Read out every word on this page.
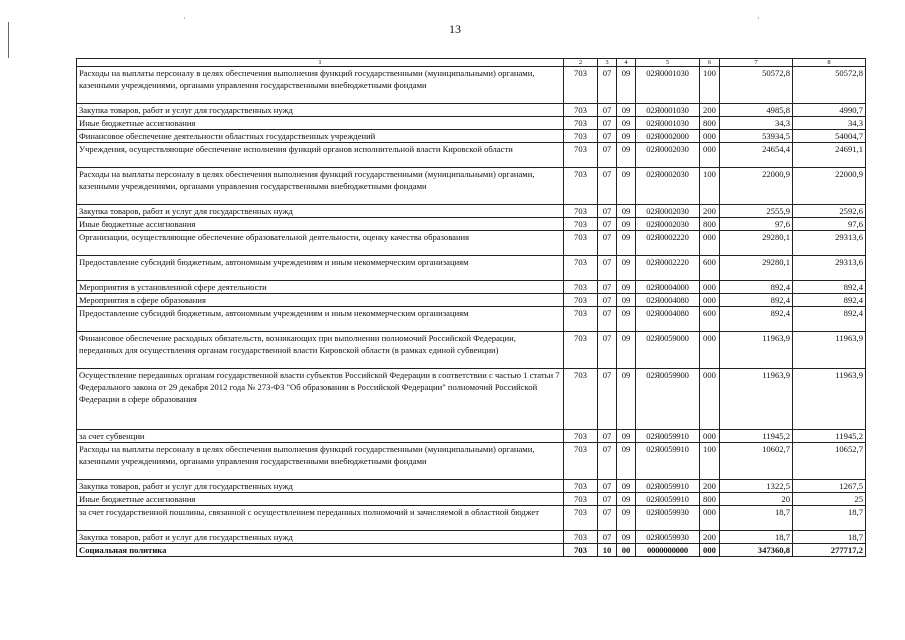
·	·
13
1	2	3	4	5	6	7	8
Расходы на выплаты персоналу в целях обеспечения выполнения функций государственными (муниципальными) органами, казенными учреждениями, органами управления государственными внебюджетными фондами	703	07	09	02Я0001030	100	50572,8	50572,8
Закупка товаров, работ и услуг для государственных нужд	703	07	09	02Я0001030	200	4985,8	4990,7
Иные бюджетные ассигнования	703	07	09	02Я0001030	800	34,3	34,3
Финансовое обеспечение деятельности областных государственных учреждений	703	07	09	02Я0002000	000	53934,5	54004,7
Учреждения, осуществляющие обеспечение исполнения функций органов исполнительной власти Кировской области	703	07	09	02Я0002030	000	24654,4	24691,1
Расходы на выплаты персоналу в целях обеспечения выполнения функций государственными (муниципальными) органами, казенными учреждениями, органами управления государственными внебюджетными фондами	703	07	09	02Я0002030	100	22000,9	22000,9
Закупка товаров, работ и услуг для государственных нужд	703	07	09	02Я0002030	200	2555,9	2592,6
Иные бюджетные ассигнования	703	07	09	02Я0002030	800	97,6	97,6
Организации, осуществляющие обеспечение образовательной деятельности, оценку качества образования	703	07	09	02Я0002220	000	29280,1	29313,6
Предоставление субсидий бюджетным, автономным учреждениям и иным некоммерческим организациям	703	07	09	02Я0002220	600	29280,1	29313,6
Мероприятия в установленной сфере деятельности	703	07	09	02Я0004000	000	892,4	892,4
Мероприятия в сфере образования	703	07	09	02Я0004080	000	892,4	892,4
Предоставление субсидий бюджетным, автономным учреждениям и иным некоммерческим организациям	703	07	09	02Я0004080	600	892,4	892,4
Финансовое обеспечение расходных обязательств, возникающих при выполнении полномочий Российской Федерации, переданных для осуществления органам государственной власти Кировской области (в рамках единой субвенции)	703	07	09	02Я0059000	000	11963,9	11963,9
Осуществление переданных органам государственной власти субъектов Российской Федерации в соответствии с частью 1 статьи 7 Федерального закона от 29 декабря 2012 года № 273-ФЗ "Об образовании в Российской Федерации" полномочий Российской Федерации в сфере образования	703	07	09	02Я0059900	000	11963,9	11963,9
за счет субвенции	703	07	09	02Я0059910	000	11945,2	11945,2
Расходы на выплаты персоналу в целях обеспечения выполнения функций государственными (муниципальными) органами, казенными учреждениями, органами управления государственными внебюджетными фондами	703	07	09	02Я0059910	100	10602,7	10652,7
Закупка товаров, работ и услуг для государственных нужд	703	07	09	02Я0059910	200	1322,5	1267,5
Иные бюджетные ассигнования	703	07	09	02Я0059910	800	20	25
за счет государственной пошлины, связанной с осуществлением переданных полномочий и зачисляемой в областной бюджет	703	07	09	02Я0059930	000	18,7	18,7
Закупка товаров, работ и услуг для государственных нужд	703	07	09	02Я0059930	200	18,7	18,7
Социальная политика	703	10	00	0000000000	000	347360,8	277717,2
